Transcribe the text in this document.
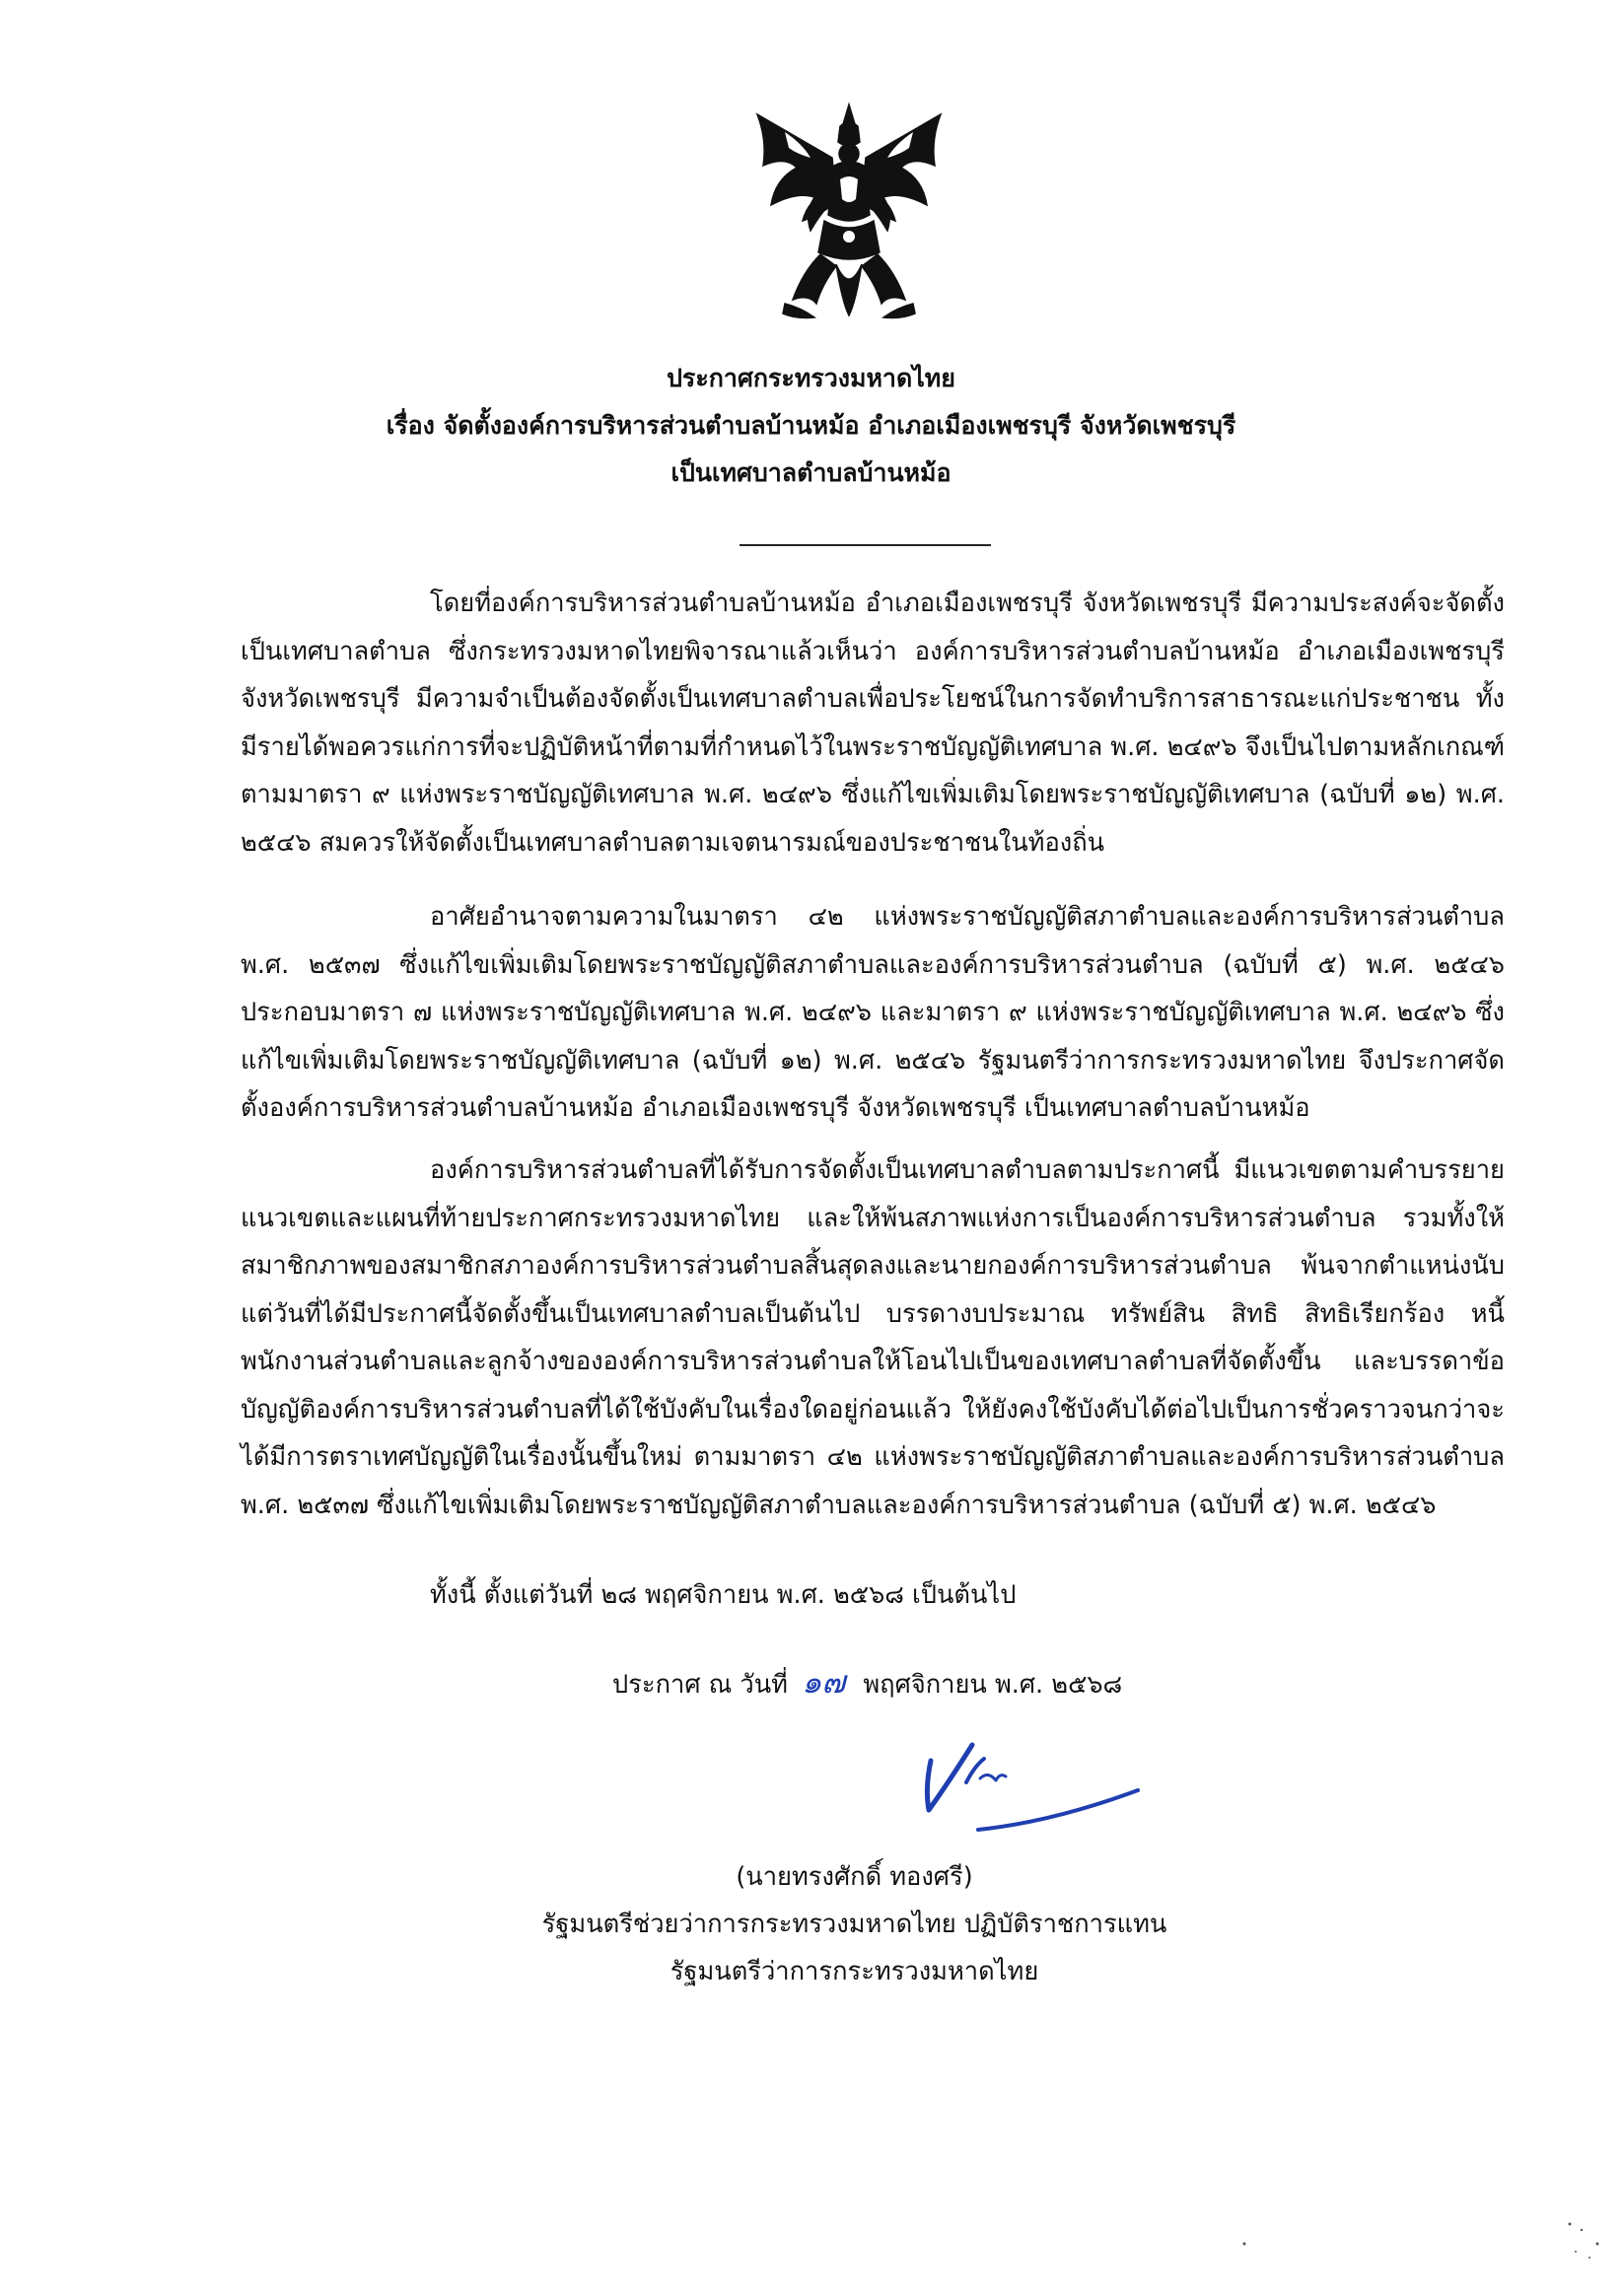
ประกาศกระทรวงมหาดไทย
เรื่อง จัดตั้งองค์การบริหารส่วนตำบลบ้านหม้อ อำเภอเมืองเพชรบุรี จังหวัดเพชรบุรี
เป็นเทศบาลตำบลบ้านหม้อ

โดยที่องค์การบริหารส่วนตำบลบ้านหม้อ อำเภอเมืองเพชรบุรี จังหวัดเพชรบุรี มีความประสงค์จะจัดตั้งเป็นเทศบาลตำบล ซึ่งกระทรวงมหาดไทยพิจารณาแล้วเห็นว่า องค์การบริหารส่วนตำบลบ้านหม้อ อำเภอเมืองเพชรบุรี จังหวัดเพชรบุรี มีความจำเป็นต้องจัดตั้งเป็นเทศบาลตำบลเพื่อประโยชน์ในการจัดทำบริการสาธารณะแก่ประชาชน ทั้งมีรายได้พอควรแก่การที่จะปฏิบัติหน้าที่ตามที่กำหนดไว้ในพระราชบัญญัติเทศบาล พ.ศ. ๒๔๙๖ จึงเป็นไปตามหลักเกณฑ์ตามมาตรา ๙ แห่งพระราชบัญญัติเทศบาล พ.ศ. ๒๔๙๖ ซึ่งแก้ไขเพิ่มเติมโดยพระราชบัญญัติเทศบาล (ฉบับที่ ๑๒) พ.ศ. ๒๕๔๖ สมควรให้จัดตั้งเป็นเทศบาลตำบลตามเจตนารมณ์ของประชาชนในท้องถิ่น

อาศัยอำนาจตามความในมาตรา ๔๒ แห่งพระราชบัญญัติสภาตำบลและองค์การบริหารส่วนตำบล พ.ศ. ๒๕๓๗ ซึ่งแก้ไขเพิ่มเติมโดยพระราชบัญญัติสภาตำบลและองค์การบริหารส่วนตำบล (ฉบับที่ ๕) พ.ศ. ๒๕๔๖ ประกอบมาตรา ๗ แห่งพระราชบัญญัติเทศบาล พ.ศ. ๒๔๙๖ และมาตรา ๙ แห่งพระราชบัญญัติเทศบาล พ.ศ. ๒๔๙๖ ซึ่งแก้ไขเพิ่มเติมโดยพระราชบัญญัติเทศบาล (ฉบับที่ ๑๒) พ.ศ. ๒๕๔๖ รัฐมนตรีว่าการกระทรวงมหาดไทย จึงประกาศจัดตั้งองค์การบริหารส่วนตำบลบ้านหม้อ อำเภอเมืองเพชรบุรี จังหวัดเพชรบุรี เป็นเทศบาลตำบลบ้านหม้อ

องค์การบริหารส่วนตำบลที่ได้รับการจัดตั้งเป็นเทศบาลตำบลตามประกาศนี้ มีแนวเขตตามคำบรรยายแนวเขตและแผนที่ท้ายประกาศกระทรวงมหาดไทย และให้พ้นสภาพแห่งการเป็นองค์การบริหารส่วนตำบล รวมทั้งให้สมาชิกภาพของสมาชิกสภาองค์การบริหารส่วนตำบลสิ้นสุดลงและนายกองค์การบริหารส่วนตำบล พ้นจากตำแหน่งนับแต่วันที่ได้มีประกาศนี้จัดตั้งขึ้นเป็นเทศบาลตำบลเป็นต้นไป บรรดางบประมาณ ทรัพย์สิน สิทธิ สิทธิเรียกร้อง หนี้ พนักงานส่วนตำบลและลูกจ้างขององค์การบริหารส่วนตำบลให้โอนไปเป็นของเทศบาลตำบลที่จัดตั้งขึ้น และบรรดาข้อบัญญัติองค์การบริหารส่วนตำบลที่ได้ใช้บังคับในเรื่องใดอยู่ก่อนแล้ว ให้ยังคงใช้บังคับได้ต่อไปเป็นการชั่วคราวจนกว่าจะได้มีการตราเทศบัญญัติในเรื่องนั้นขึ้นใหม่ ตามมาตรา ๔๒ แห่งพระราชบัญญัติสภาตำบลและองค์การบริหารส่วนตำบล พ.ศ. ๒๕๓๗ ซึ่งแก้ไขเพิ่มเติมโดยพระราชบัญญัติสภาตำบลและองค์การบริหารส่วนตำบล (ฉบับที่ ๕) พ.ศ. ๒๕๔๖

ทั้งนี้ ตั้งแต่วันที่ ๒๘ พฤศจิกายน พ.ศ. ๒๕๖๘ เป็นต้นไป
ประกาศ ณ วันที่ ๑๗ พฤศจิกายน พ.ศ. ๒๕๖๘
(นายทรงศักดิ์ ทองศรี)
รัฐมนตรีช่วยว่าการกระทรวงมหาดไทย ปฏิบัติราชการแทน
รัฐมนตรีว่าการกระทรวงมหาดไทย
